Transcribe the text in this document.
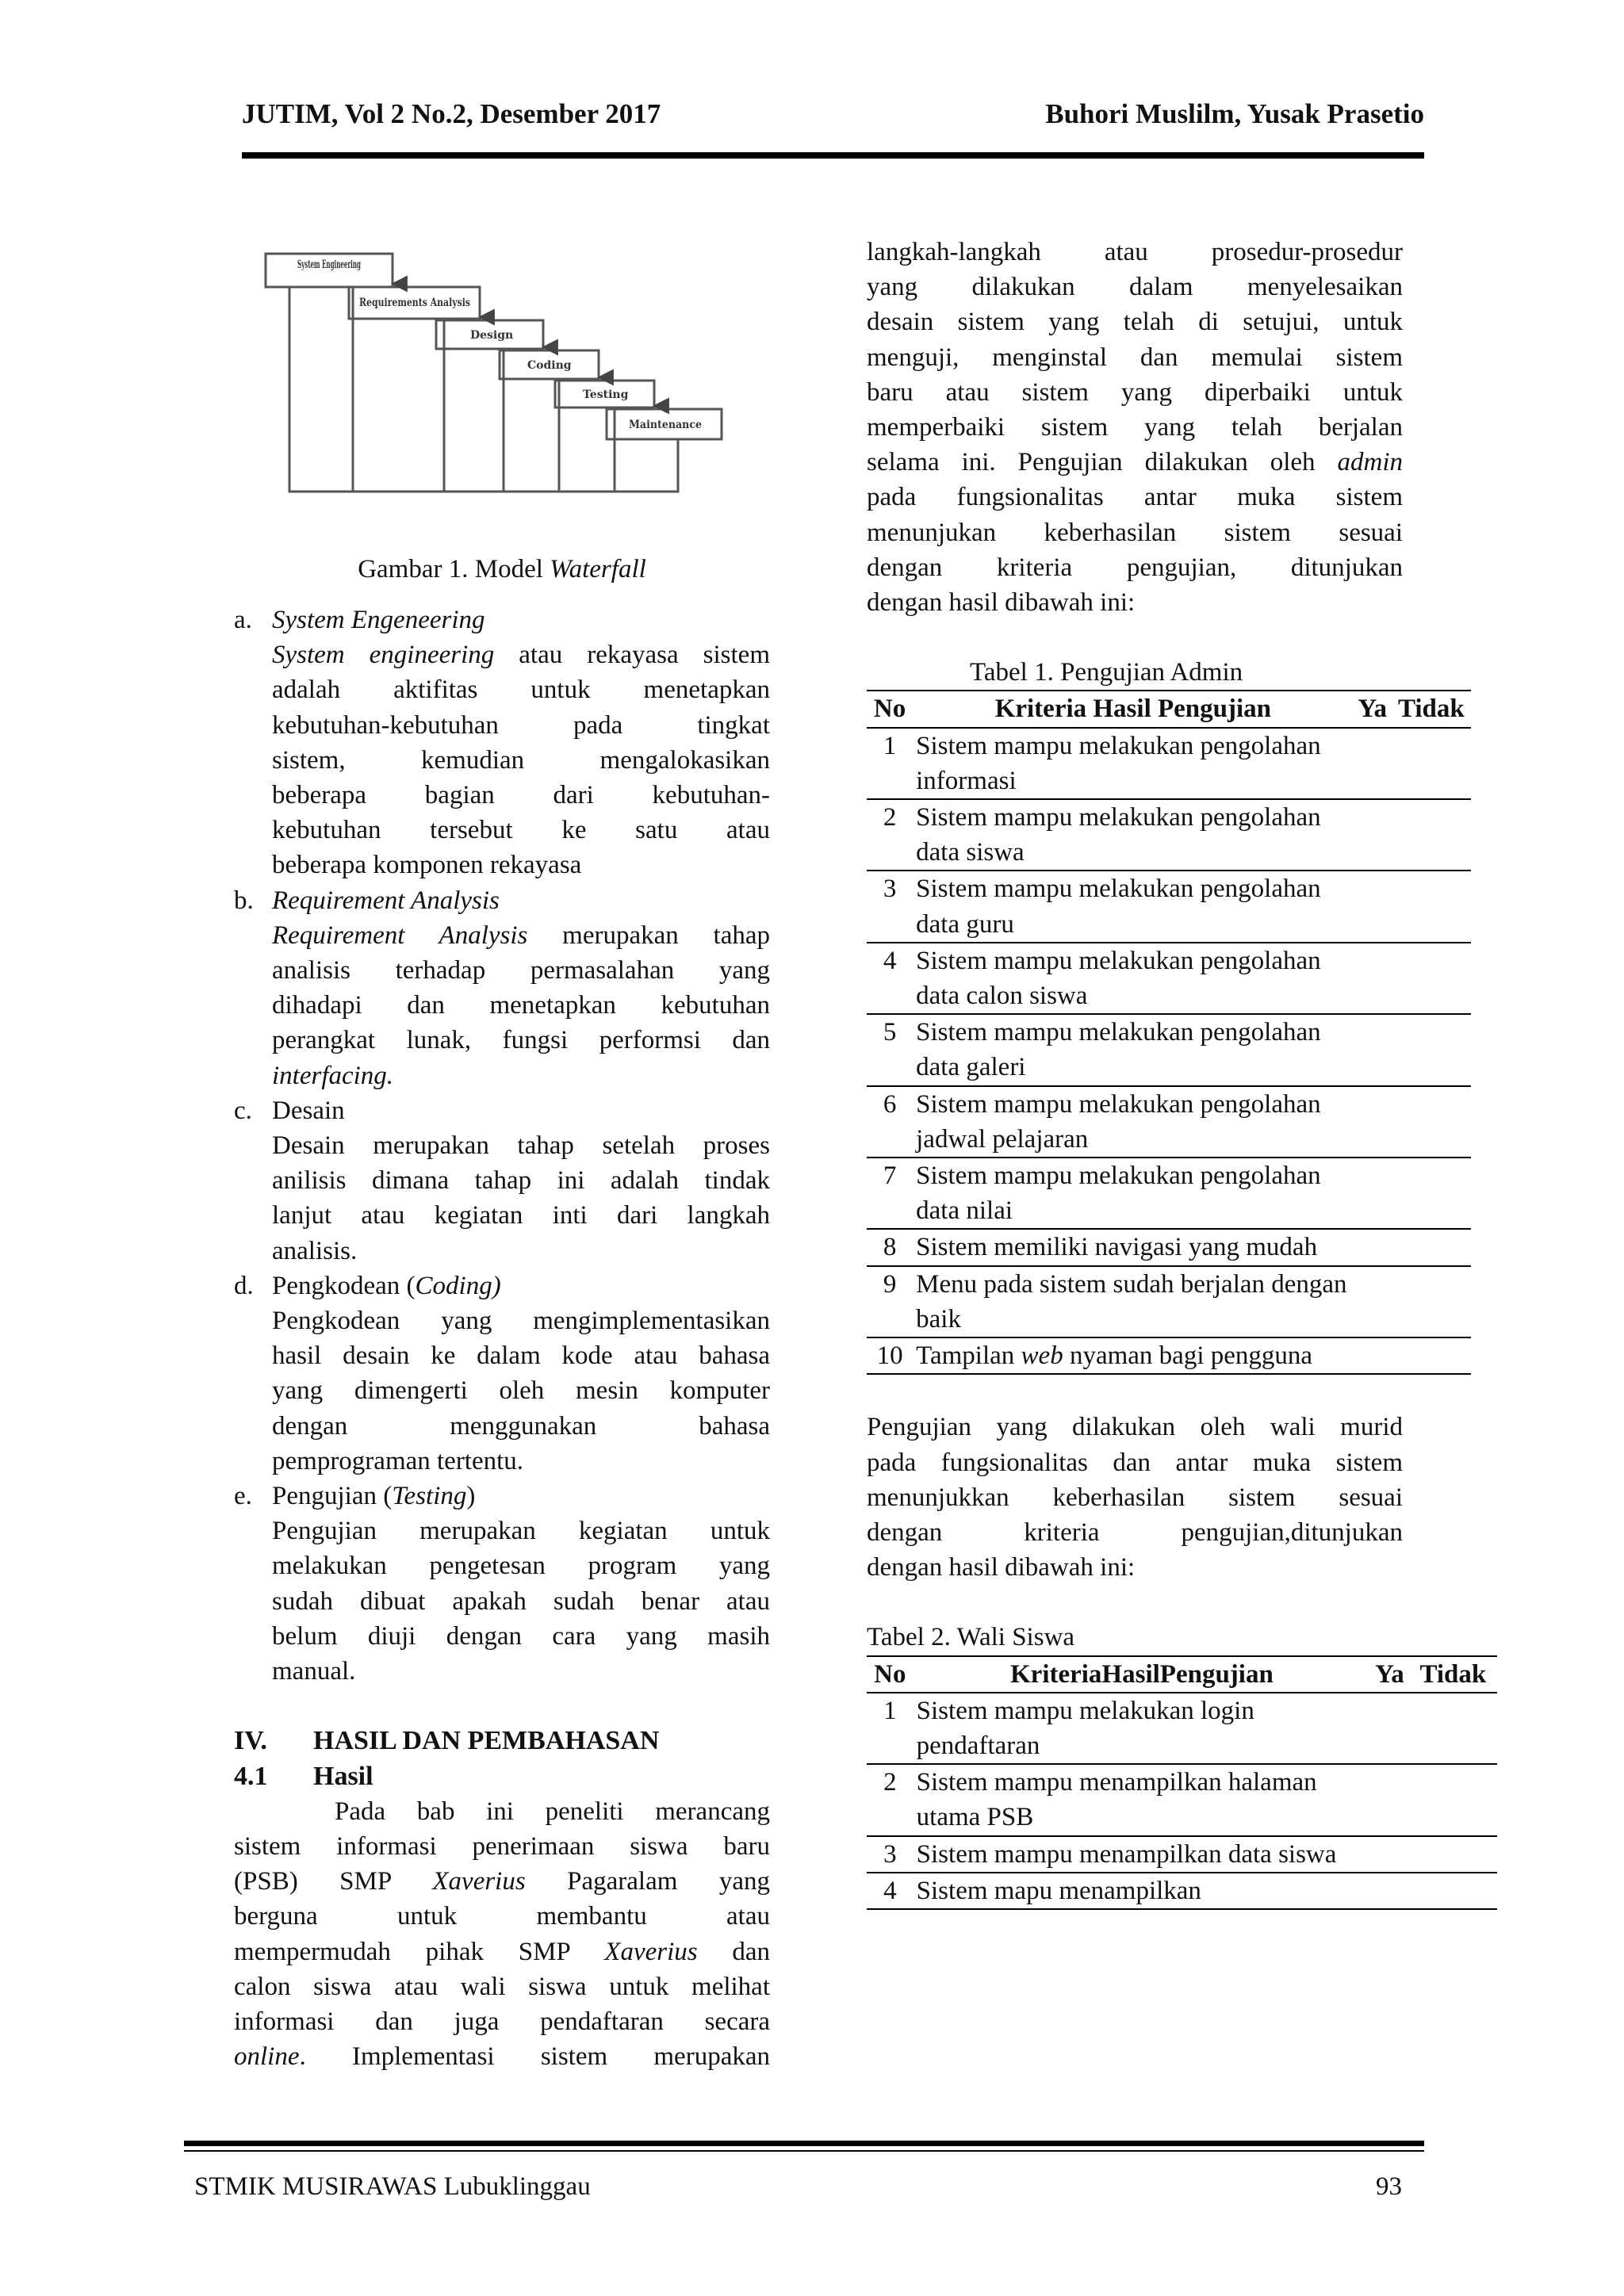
JUTIM, Vol 2 No.2, Desember 2017	Buhori Muslilm, Yusak Prasetio
System Engineering
Requirements Analysis
Design
Coding
Testing
Maintenance
Gambar 1. Model Waterfall
a. System Engeneering

System engineering atau rekayasa sistem

adalah aktifitas untuk menetapkan

kebutuhan-kebutuhan pada tingkat

sistem, kemudian mengalokasikan

beberapa bagian dari kebutuhan-

kebutuhan tersebut ke satu atau

beberapa komponen rekayasa

b. Requirement Analysis

Requirement Analysis merupakan tahap

analisis terhadap permasalahan yang

dihadapi dan menetapkan kebutuhan

perangkat lunak, fungsi performsi dan

interfacing.

c. Desain

Desain merupakan tahap setelah proses

anilisis dimana tahap ini adalah tindak

lanjut atau kegiatan inti dari langkah

analisis.

d. Pengkodean (Coding)

Pengkodean yang mengimplementasikan

hasil desain ke dalam kode atau bahasa

yang dimengerti oleh mesin komputer

dengan menggunakan bahasa

pemprograman tertentu.

e. Pengujian (Testing)

Pengujian merupakan kegiatan untuk

melakukan pengetesan program yang

sudah dibuat apakah sudah benar atau

belum diuji dengan cara yang masih

manual.

IV.	HASIL DAN PEMBAHASAN
4.1	Hasil

Pada bab ini peneliti merancang

sistem informasi penerimaan siswa baru

(PSB) SMP Xaverius Pagaralam yang

berguna untuk membantu atau

mempermudah pihak SMP Xaverius dan

calon siswa atau wali siswa untuk melihat

informasi dan juga pendaftaran secara

online. Implementasi sistem merupakan

langkah-langkah atau prosedur-prosedur

yang dilakukan dalam menyelesaikan

desain sistem yang telah di setujui, untuk

menguji, menginstal dan memulai sistem

baru atau sistem yang diperbaiki untuk

memperbaiki sistem yang telah berjalan

selama ini. Pengujian dilakukan oleh admin

pada fungsionalitas antar muka sistem

menunjukan keberhasilan sistem sesuai

dengan kriteria pengujian, ditunjukan

dengan hasil dibawah ini:

Tabel 1. Pengujian Admin
No	Kriteria Hasil Pengujian	Ya	Tidak
1	Sistem mampu melakukan pengolahan informasi		
2	Sistem mampu melakukan pengolahan data siswa		
3	Sistem mampu melakukan pengolahan data guru		
4	Sistem mampu melakukan pengolahan data calon siswa		
5	Sistem mampu melakukan pengolahan data galeri		
6	Sistem mampu melakukan pengolahan jadwal pelajaran		
7	Sistem mampu melakukan pengolahan data nilai		
8	Sistem memiliki navigasi yang mudah		
9	Menu pada sistem sudah berjalan dengan baik		
10	Tampilan web nyaman bagi pengguna		

Pengujian yang dilakukan oleh wali murid

pada fungsionalitas dan antar muka sistem

menunjukkan keberhasilan sistem sesuai

dengan kriteria pengujian,ditunjukan

dengan hasil dibawah ini:

Tabel 2. Wali Siswa
No	KriteriaHasilPengujian	Ya	Tidak
1	Sistem mampu melakukan login pendaftaran		
2	Sistem mampu menampilkan halaman utama PSB		
3	Sistem mampu menampilkan data siswa		
4	Sistem mapu menampilkan		
STMIK MUSIRAWAS Lubuklinggau	93
